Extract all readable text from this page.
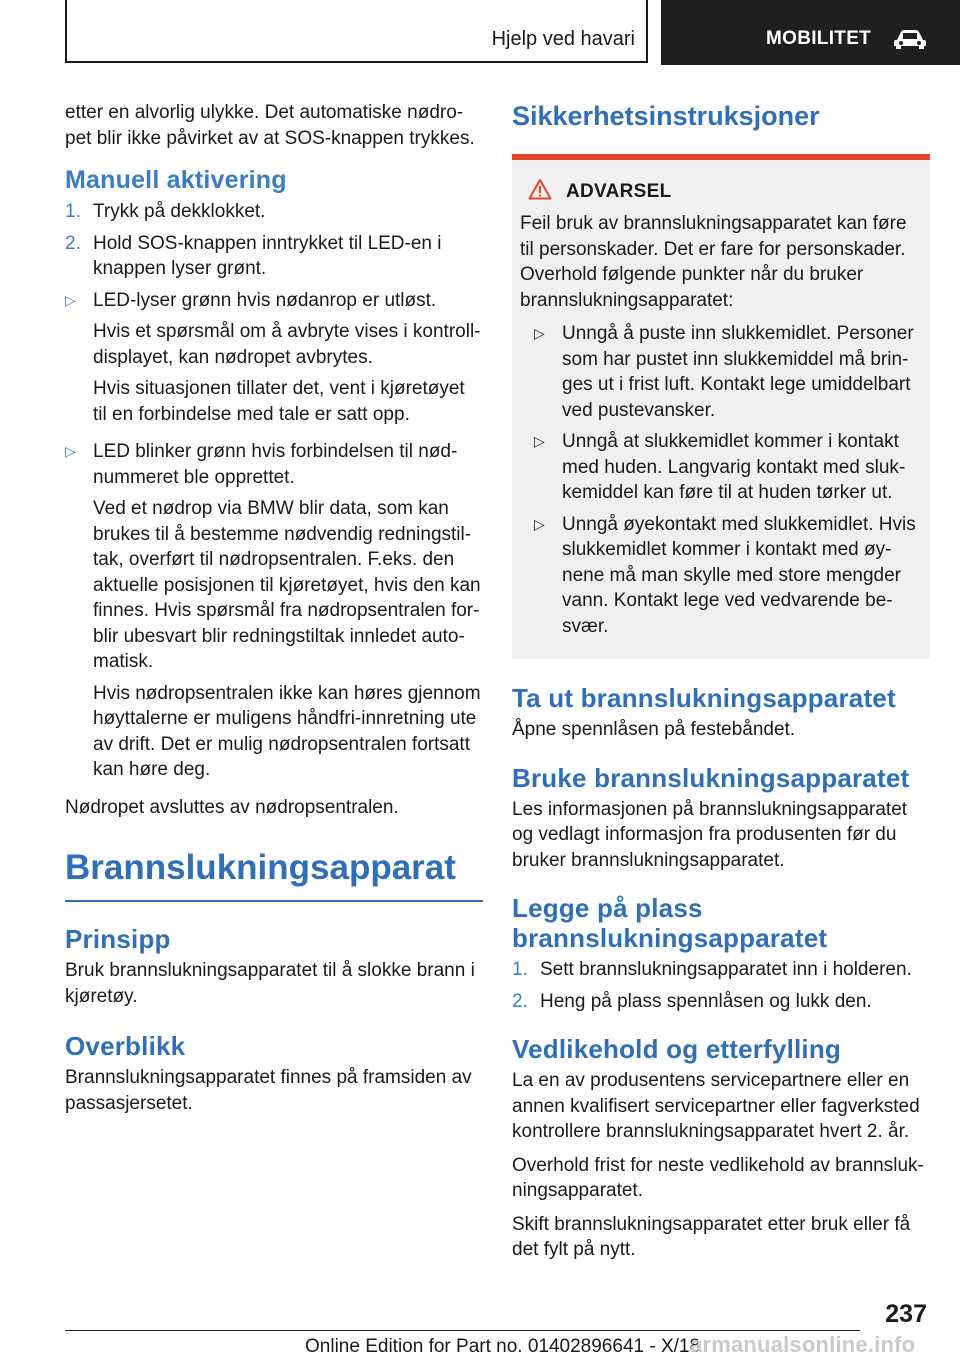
Hjelp ved havari	MOBILITET

etter en alvorlig ulykke. Det automatiske nødropet blir ikke påvirket av at SOS-knappen trykkes.

Manuell aktivering
1. Trykk på dekklokket.
2. Hold SOS-knappen inntrykket til LED-en i knappen lyser grønt.
▷ LED-lyser grønn hvis nødanrop er utløst.

Hvis et spørsmål om å avbryte vises i kontrolldisplayet, kan nødropet avbrytes.

Hvis situasjonen tillater det, vent i kjøretøyet til en forbindelse med tale er satt opp.

▷ LED blinker grønn hvis forbindelsen til nødnummeret ble opprettet.

Ved et nødrop via BMW blir data, som kan brukes til å bestemme nødvendig redningstiltak, overført til nødropsentralen. F.eks. den aktuelle posisjonen til kjøretøyet, hvis den kan finnes. Hvis spørsmål fra nødropsentralen forblir ubesvart blir redningstiltak innledet automatisk.

Hvis nødropsentralen ikke kan høres gjennom høyttalerne er muligens håndfri-innretning ute av drift. Det er mulig nødropsentralen fortsatt kan høre deg.

Nødropet avsluttes av nødropsentralen.

Brannslukningsapparat
Prinsipp

Bruk brannslukningsapparatet til å slokke brann i kjøretøy.

Overblikk

Brannslukningsapparatet finnes på framsiden av passasjersetet.

Sikkerhetsinstruksjoner
ADVARSEL

Feil bruk av brannslukningsapparatet kan føre til personskader. Det er fare for personskader. Overhold følgende punkter når du bruker brannslukningsapparatet:

▷ Unngå å puste inn slukkemidlet. Personer som har pustet inn slukkemiddel må bringes ut i frist luft. Kontakt lege umiddelbart ved pustevansker.
▷ Unngå at slukkemidlet kommer i kontakt med huden. Langvarig kontakt med slukkemiddel kan føre til at huden tørker ut.
▷ Unngå øyekontakt med slukkemidlet. Hvis slukkemidlet kommer i kontakt med øynene må man skylle med store mengder vann. Kontakt lege ved vedvarende besvær.
Ta ut brannslukningsapparatet

Åpne spennlåsen på festebåndet.

Bruke brannslukningsapparatet

Les informasjonen på brannslukningsapparatet og vedlagt informasjon fra produsenten før du bruker brannslukningsapparatet.

Legge på plass brannslukningsapparatet
1. Sett brannslukningsapparatet inn i holderen.
2. Heng på plass spennlåsen og lukk den.
Vedlikehold og etterfylling

La en av produsentens servicepartnere eller en annen kvalifisert servicepartner eller fagverksted kontrollere brannslukningsapparatet hvert 2. år.

Overhold frist for neste vedlikehold av brannslukningsapparatet.

Skift brannslukningsapparatet etter bruk eller få det fylt på nytt.

237
Online Edition for Part no. 01402896641 - X/18
armanualsonline.info
